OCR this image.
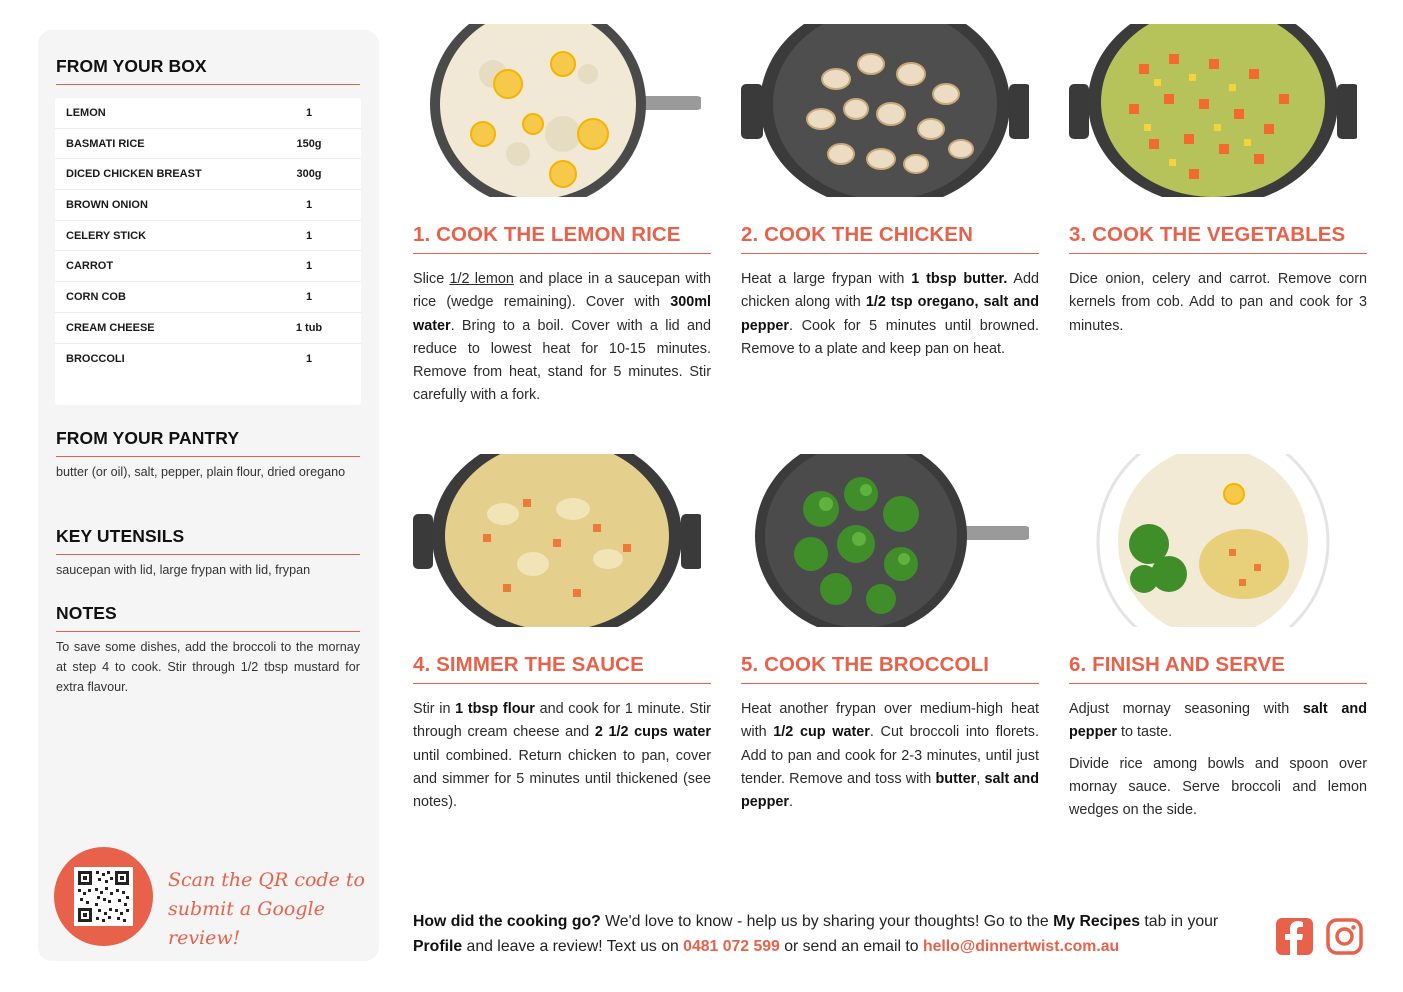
FROM YOUR BOX
LEMON	1
BASMATI RICE	150g
DICED CHICKEN BREAST	300g
BROWN ONION	1
CELERY STICK	1
CARROT	1
CORN COB	1
CREAM CHEESE	1 tub
BROCCOLI	1
FROM YOUR PANTRY
butter (or oil), salt, pepper, plain flour, dried oregano
KEY UTENSILS
saucepan with lid, large frypan with lid, frypan
NOTES
To save some dishes, add the broccoli to the mornay at step 4 to cook. Stir through 1/2 tbsp mustard for extra flavour.
Scan the QR code to
submit a Google review!
1. COOK THE LEMON RICE
Slice 1/2 lemon and place in a saucepan with rice (wedge remaining). Cover with 300ml water. Bring to a boil. Cover with a lid and reduce to lowest heat for 10-15 minutes. Remove from heat, stand for 5 minutes. Stir carefully with a fork.
2. COOK THE CHICKEN
Heat a large frypan with 1 tbsp butter. Add chicken along with 1/2 tsp oregano, salt and pepper. Cook for 5 minutes until browned. Remove to a plate and keep pan on heat.
3. COOK THE VEGETABLES
Dice onion, celery and carrot. Remove corn kernels from cob. Add to pan and cook for 3 minutes.
4. SIMMER THE SAUCE
Stir in 1 tbsp flour and cook for 1 minute. Stir through cream cheese and 2 1/2 cups water until combined. Return chicken to pan, cover and simmer for 5 minutes until thickened (see notes).
5. COOK THE BROCCOLI
Heat another frypan over medium-high heat with 1/2 cup water. Cut broccoli into florets. Add to pan and cook for 2-3 minutes, until just tender. Remove and toss with butter, salt and pepper.
6. FINISH AND SERVE

Adjust mornay seasoning with salt and pepper to taste.

Divide rice among bowls and spoon over mornay sauce. Serve broccoli and lemon wedges on the side.

How did the cooking go? We'd love to know - help us by sharing your thoughts! Go to the My Recipes tab in your Profile and leave a review! Text us on 0481 072 599 or send an email to hello@dinnertwist.com.au
